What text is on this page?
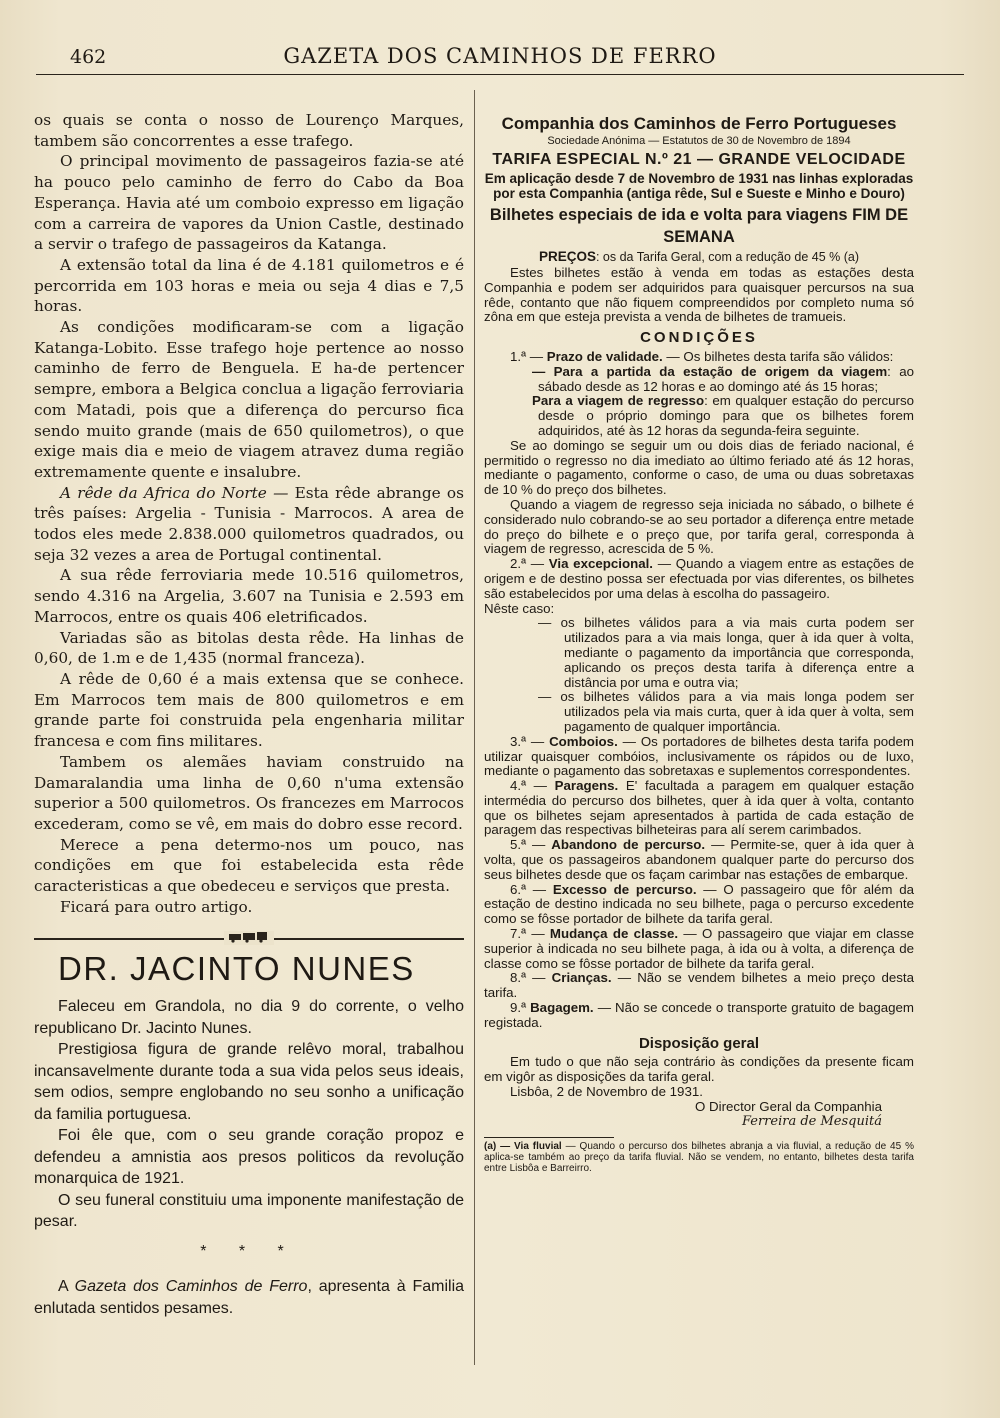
462	GAZETA DOS CAMINHOS DE FERRO

os quais se conta o nosso de Lourenço Marques, tambem são concorrentes a esse trafego.

O principal movimento de passageiros fazia-se até ha pouco pelo caminho de ferro do Cabo da Boa Esperança. Havia até um comboio expresso em ligação com a carreira de vapores da Union Castle, destinado a servir o trafego de passageiros da Katanga.

A extensão total da lina é de 4.181 quilometros e é percorrida em 103 horas e meia ou seja 4 dias e 7,5 horas.

As condições modificaram-se com a ligação Katanga-Lobito. Esse trafego hoje pertence ao nosso caminho de ferro de Benguela. E ha-de pertencer sempre, embora a Belgica conclua a ligação ferroviaria com Matadi, pois que a diferença do percurso fica sendo muito grande (mais de 650 quilometros), o que exige mais dia e meio de viagem atravez duma região extremamente quente e insalubre.

A rêde da Africa do Norte — Esta rêde abrange os três países: Argelia - Tunisia - Marrocos. A area de todos eles mede 2.838.000 quilometros quadrados, ou seja 32 vezes a area de Portugal continental.

A sua rêde ferroviaria mede 10.516 quilometros, sendo 4.316 na Argelia, 3.607 na Tunisia e 2.593 em Marrocos, entre os quais 406 eletrificados.

Variadas são as bitolas desta rêde. Ha linhas de 0,60, de 1.m e de 1,435 (normal franceza).

A rêde de 0,60 é a mais extensa que se conhece. Em Marrocos tem mais de 800 quilometros e em grande parte foi construida pela engenharia militar francesa e com fins militares.

Tambem os alemães haviam construido na Damaralandia uma linha de 0,60 n'uma extensão superior a 500 quilometros. Os francezes em Marrocos excederam, como se vê, em mais do dobro esse record.

Merece a pena determo-nos um pouco, nas condições em que foi estabelecida esta rêde caracteristicas a que obedeceu e serviços que presta.

Ficará para outro artigo.

DR. JACINTO NUNES

Faleceu em Grandola, no dia 9 do corrente, o velho republicano Dr. Jacinto Nunes.

Prestigiosa figura de grande relêvo moral, trabalhou incansavelmente durante toda a sua vida pelos seus ideais, sem odios, sempre englobando no seu sonho a unificação da familia portuguesa.

Foi êle que, com o seu grande coração propoz e defendeu a amnistia aos presos politicos da revolução monarquica de 1921.

O seu funeral constituiu uma imponente manifestação de pesar.

* * *

A Gazeta dos Caminhos de Ferro, apresenta à Familia enlutada sentidos pesames.

Companhia dos Caminhos de Ferro Portugueses
Sociedade Anónima — Estatutos de 30 de Novembro de 1894
TARIFA ESPECIAL N.º 21 — GRANDE VELOCIDADE
Em aplicação desde 7 de Novembro de 1931 nas linhas exploradas por esta Companhia (antiga rêde, Sul e Sueste e Minho e Douro)
Bilhetes especiais de ida e volta para viagens FIM DE SEMANA
PREÇOS: os da Tarifa Geral, com a redução de 45 % (a)

Estes bilhetes estão à venda em todas as estações desta Companhia e podem ser adquiridos para quaisquer percursos na sua rêde, contanto que não fiquem compreendidos por completo numa só zôna em que esteja prevista a venda de bilhetes de tramueis.

CONDIÇÕES

1.ª — Prazo de validade. — Os bilhetes desta tarifa são válidos:

— Para a partida da estação de origem da viagem: ao sábado desde as 12 horas e ao domingo até ás 15 horas;

Para a viagem de regresso: em qualquer estação do percurso desde o próprio domingo para que os bilhetes forem adquiridos, até às 12 horas da segunda-feira seguinte.

Se ao domingo se seguir um ou dois dias de feriado nacional, é permitido o regresso no dia imediato ao último feriado até ás 12 horas, mediante o pagamento, conforme o caso, de uma ou duas sobretaxas de 10 % do preço dos bilhetes.

Quando a viagem de regresso seja iniciada no sábado, o bilhete é considerado nulo cobrando-se ao seu portador a diferença entre metade do preço do bilhete e o preço que, por tarifa geral, corresponda à viagem de regresso, acrescida de 5 %.

2.ª — Via excepcional. — Quando a viagem entre as estações de origem e de destino possa ser efectuada por vias diferentes, os bilhetes são estabelecidos por uma delas à escolha do passageiro.

Nêste caso:

— os bilhetes válidos para a via mais curta podem ser utilizados para a via mais longa, quer à ida quer à volta, mediante o pagamento da importância que corresponda, aplicando os preços desta tarifa à diferença entre a distância por uma e outra via;

— os bilhetes válidos para a via mais longa podem ser utilizados pela via mais curta, quer à ida quer à volta, sem pagamento de qualquer importância.

3.ª — Comboios. — Os portadores de bilhetes desta tarifa podem utilizar quaisquer combóios, inclusivamente os rápidos ou de luxo, mediante o pagamento das sobretaxas e suplementos correspondentes.

4.ª — Paragens. E' facultada a paragem em qualquer estação intermédia do percurso dos bilhetes, quer à ida quer à volta, contanto que os bilhetes sejam apresentados à partida de cada estação de paragem das respectivas bilheteiras para alí serem carimbados.

5.ª — Abandono de percurso. — Permite-se, quer à ida quer à volta, que os passageiros abandonem qualquer parte do percurso dos seus bilhetes desde que os façam carimbar nas estações de embarque.

6.ª — Excesso de percurso. — O passageiro que fôr além da estação de destino indicada no seu bilhete, paga o percurso excedente como se fôsse portador de bilhete da tarifa geral.

7.ª — Mudança de classe. — O passageiro que viajar em classe superior à indicada no seu bilhete paga, à ida ou à volta, a diferença de classe como se fôsse portador de bilhete da tarifa geral.

8.ª — Crianças. — Não se vendem bilhetes a meio preço desta tarifa.

9.ª Bagagem. — Não se concede o transporte gratuito de bagagem registada.

Disposição geral

Em tudo o que não seja contrário às condições da presente ficam em vigôr as disposições da tarifa geral.

Lisbôa, 2 de Novembro de 1931.

O Director Geral da Companhia

Ferreira de Mesquitá

(a) — Via fluvial — Quando o percurso dos bilhetes abranja a via fluvial, a redução de 45 % aplica-se também ao preço da tarifa fluvial. Não se vendem, no entanto, bilhetes desta tarifa entre Lisbôa e Barreirro.
